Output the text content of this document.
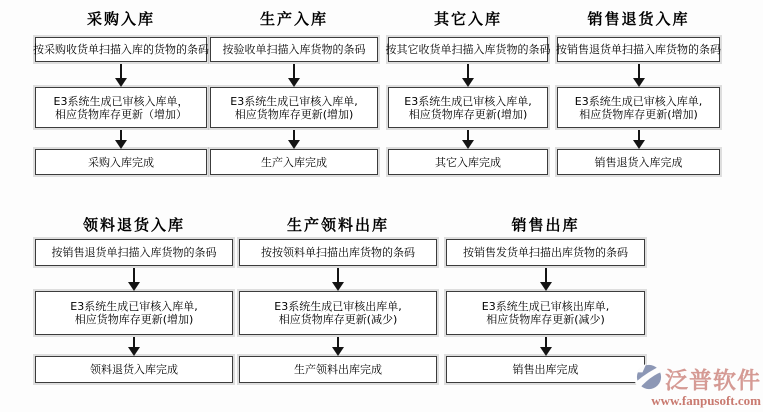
采购入库
按采购收货单扫描入库的货物的条码
E3系统生成已审核入库单，
相应货物库存更新（增加）
采购入库完成
生产入库
按验收单扫描入库货物的条码
E3系统生成已审核入库单,
相应货物库存更新(增加)
生产入库完成
其它入库
按其它收货单扫描入库货物的条码
E3系统生成已审核入库单,
相应货物库存更新(增加)
其它入库完成
销售退货入库
按销售退货单扫描入库货物的条码
E3系统生成已审核入库单,
相应货物库存更新(增加)
销售退货入库完成
领料退货入库
按销售退货单扫描入库货物的条码
E3系统生成已审核入库单,
相应货物库存更新(增加)
领料退货入库完成
生产领料出库
按按领料单扫描出库货物的条码
E3系统生成已审核出库单,
相应货物库存更新(减少)
生产领料出库完成
销售出库
按销售发货单扫描出库货物的条码
E3系统生成已审核出库单,
相应货物库存更新(减少)
销售出库完成	泛普软件
www.fanpusoft.com
